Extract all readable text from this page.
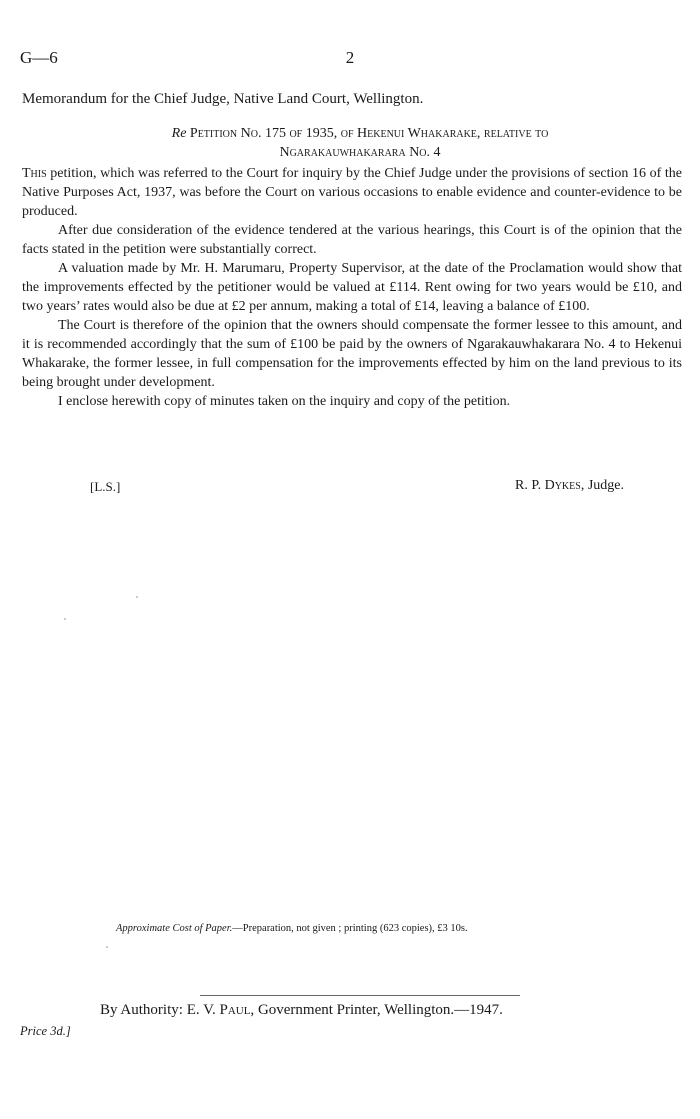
G—6	2
Memorandum for the Chief Judge, Native Land Court, Wellington.
Re Petition No. 175 of 1935, of Hekenui Whakarake, relative to
Ngarakauwhakarara No. 4

This petition, which was referred to the Court for inquiry by the Chief Judge under the provisions of section 16 of the Native Purposes Act, 1937, was before the Court on various occasions to enable evidence and counter-evidence to be produced.

After due consideration of the evidence tendered at the various hearings, this Court is of the opinion that the facts stated in the petition were substantially correct.

A valuation made by Mr. H. Marumaru, Property Supervisor, at the date of the Proclamation would show that the improvements effected by the petitioner would be valued at £114. Rent owing for two years would be £10, and two years’ rates would also be due at £2 per annum, making a total of £14, leaving a balance of £100.

The Court is therefore of the opinion that the owners should compensate the former lessee to this amount, and it is recommended accordingly that the sum of £100 be paid by the owners of Ngarakauwhakarara No. 4 to Hekenui Whakarake, the former lessee, in full compensation for the improvements effected by him on the land previous to its being brought under development.

I enclose herewith copy of minutes taken on the inquiry and copy of the petition.

[L.S.]	R. P. Dykes, Judge.
Approximate Cost of Paper.—Preparation, not given ; printing (623 copies), £3 10s.
By Authority: E. V. Paul, Government Printer, Wellington.—1947.
Price 3d.]
